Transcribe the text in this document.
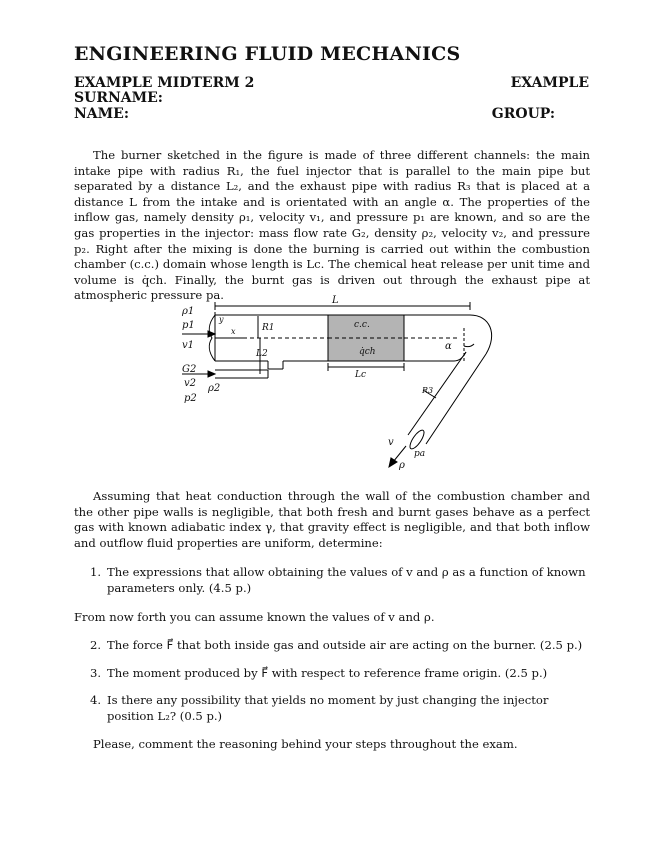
ENGINEERING FLUID MECHANICS
EXAMPLE MIDTERM 2	EXAMPLE
SURNAME:
NAME:	GROUP:

The burner sketched in the figure is made of three different channels: the main intake pipe with radius R₁, the fuel injector that is parallel to the main pipe but separated by a distance L₂, and the exhaust pipe with radius R₃ that is placed at a distance L from the intake and is orientated with an angle α. The properties of the inflow gas, namely density ρ₁, velocity v₁, and pressure p₁ are known, and so are the gas properties in the injector: mass flow rate G₂, density ρ₂, velocity v₂, and pressure p₂. Right after the mixing is done the burning is carried out within the combustion chamber (c.c.) domain whose length is Lc. The chemical heat release per unit time and volume is q̇ch. Finally, the burnt gas is driven out through the exhaust pipe at atmospheric pressure pa.

ρ1
p1
v1
y
x	R1
L2
G2
v2 ρ2
p2
L
c.c.
q̇ch
Lc
α
R3
v
pa
ρ

Assuming that heat conduction through the wall of the combustion chamber and the other pipe walls is negligible, that both fresh and burnt gases behave as a perfect gas with known adiabatic index γ, that gravity effect is negligible, and that both inflow and outflow fluid properties are uniform, determine:

1. The expressions that allow obtaining the values of v and ρ as a function of known parameters only. (4.5 p.)

From now forth you can assume known the values of v and ρ.

2. The force F⃗ that both inside gas and outside air are acting on the burner. (2.5 p.)
3. The moment produced by F⃗ with respect to reference frame origin. (2.5 p.)
4. Is there any possibility that yields no moment by just changing the injector position L₂? (0.5 p.)

Please, comment the reasoning behind your steps throughout the exam.
